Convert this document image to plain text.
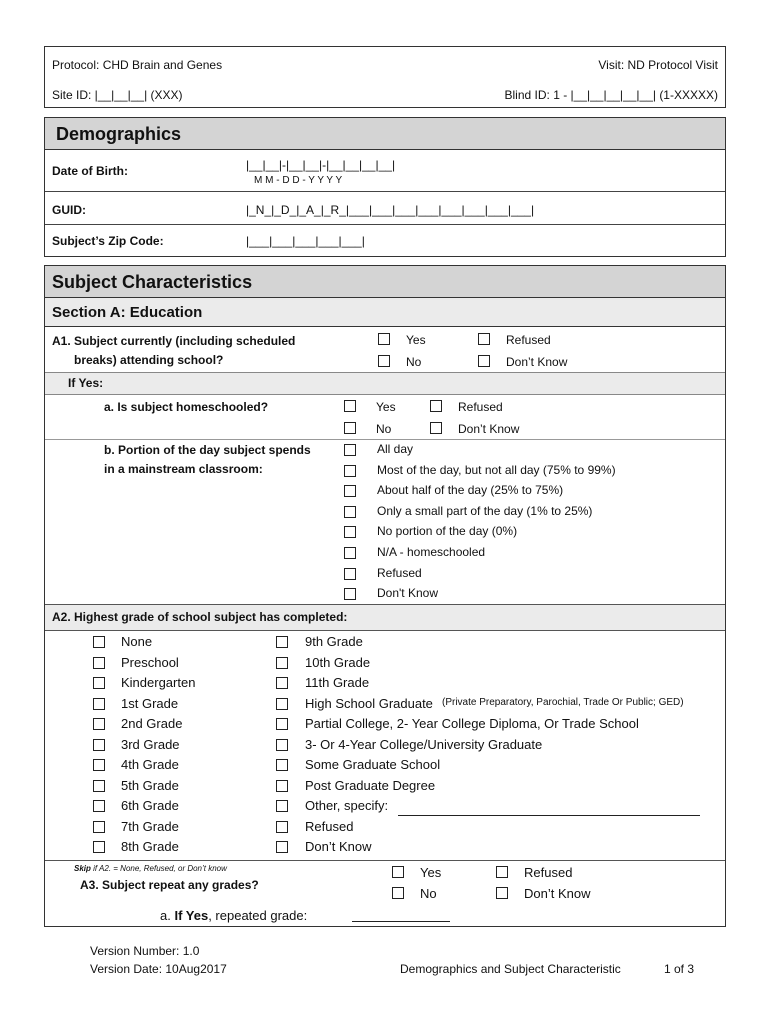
Protocol: CHD Brain and Genes	Visit: ND Protocol Visit
Site ID: |__|__|__| (XXX)	Blind ID: 1 - |__|__|__|__|__| (1-XXXXX)
Demographics
Date of Birth:	|__|__|-|__|__|-|__|__|__|__|
M M - D D - Y Y Y Y
GUID:	|_N_|_D_|_A_|_R_|___|___|___|___|___|___|___|___|
Subject’s Zip Code:	|___|___|___|___|___|
Subject Characteristics
Section A: Education
A1. Subject currently (including scheduled
breaks) attending school?
Yes	Refused
No	Don’t Know
If Yes:
a. Is subject homeschooled?	Yes	Refused
No	Don’t Know
b. Portion of the day subject spends
in a mainstream classroom:
All day
Most of the day, but not all day (75% to 99%)
About half of the day (25% to 75%)
Only a small part of the day (1% to 25%)
No portion of the day (0%)
N/A - homeschooled
Refused
Don't Know
A2. Highest grade of school subject has completed:
None
Preschool
Kindergarten
1st Grade
2nd Grade
3rd Grade
4th Grade
5th Grade
6th Grade
7th Grade
8th Grade
9th Grade
10th Grade
11th Grade
High School Graduate
Partial College, 2- Year College Diploma, Or Trade School
3- Or 4-Year College/University Graduate
Some Graduate School
Post Graduate Degree
Other, specify:
Refused
Don’t Know
(Private Preparatory, Parochial, Trade Or Public; GED)
Skip if A2. = None, Refused, or Don’t know
A3. Subject repeat any grades?
Yes	Refused
No	Don’t Know
a. If Yes, repeated grade:
Version Number: 1.0
Version Date: 10Aug2017	Demographics and Subject Characteristic	1 of 3
